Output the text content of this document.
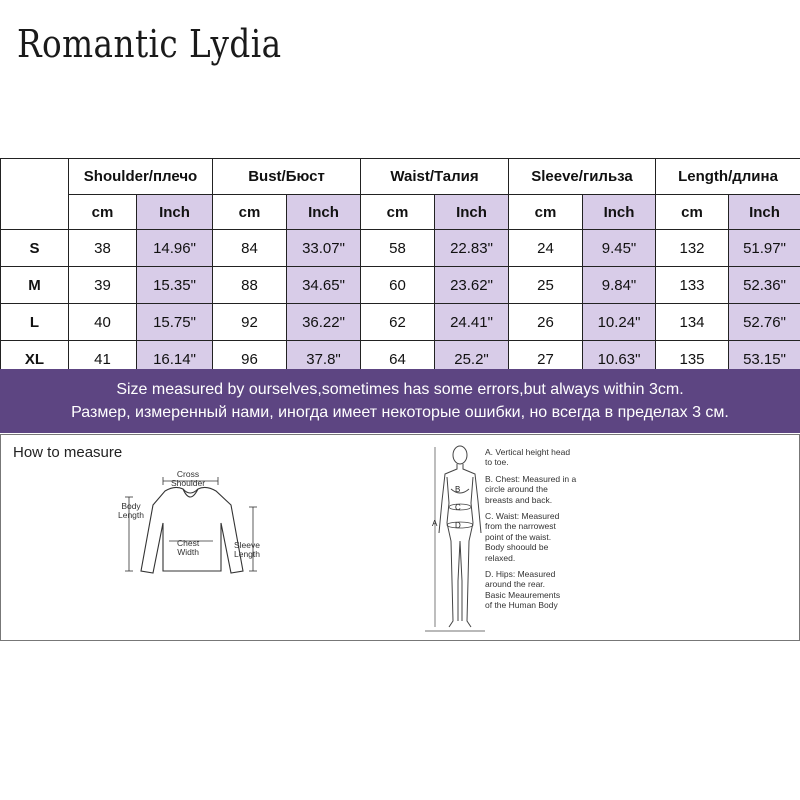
Romantic Lydia
SIZE	Shoulder/плечо		Bust/Бюст		Waist/Талия		Sleeve/гильза		Length/длина	
	cm	Inch	cm	Inch	cm	Inch	cm	Inch	cm	Inch
S	38	14.96"	84	33.07"	58	22.83"	24	9.45"	132	51.97"
M	39	15.35"	88	34.65"	60	23.62"	25	9.84"	133	52.36"
L	40	15.75"	92	36.22"	62	24.41"	26	10.24"	134	52.76"
XL	41	16.14"	96	37.8"	64	25.2"	27	10.63"	135	53.15"
Size measured by ourselves,sometimes has some errors,but always within 3cm.
Размер, измеренный нами, иногда имеет некоторые ошибки, но всегда в пределах 3 см.
How to measure
Cross
Shoulder
Body
Length
Chest
Width
Sleeve
Length
A
B
C
D
A. Vertical height head
to toe.
B. Chest: Measured in a
circle around the
breasts and back.
C. Waist: Measured
from the narrowest
point of the waist.
Body shoould be
relaxed.
D. Hips: Measured
around the rear.
Basic Meaurements
of the Human Body
